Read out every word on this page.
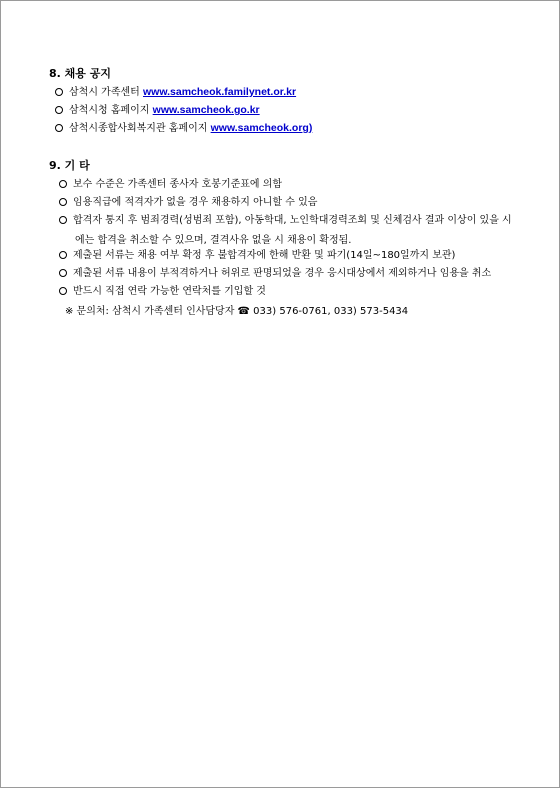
8. 채용 공지
삼척시 가족센터 www.samcheok.familynet.or.kr
삼척시청 홈페이지 www.samcheok.go.kr
삼척시종합사회복지관 홈페이지 www.samcheok.org)
9. 기 타
보수 수준은 가족센터 종사자 호봉기준표에 의함
임용직급에 적격자가 없을 경우 채용하지 아니할 수 있음
합격자 통지 후 범죄경력(성범죄 포함), 아동학대, 노인학대경력조회 및 신체검사 결과 이상이 있을 시
에는 합격을 취소할 수 있으며, 결격사유 없을 시 채용이 확정됨.
제출된 서류는 채용 여부 확정 후 불합격자에 한해 반환 및 파기(14일~180일까지 보관)
제출된 서류 내용이 부적격하거나 허위로 판명되었을 경우 응시대상에서 제외하거나 임용을 취소
반드시 직접 연락 가능한 연락처를 기입할 것
※ 문의처: 삼척시 가족센터 인사담당자 ☎ 033) 576-0761, 033) 573-5434
